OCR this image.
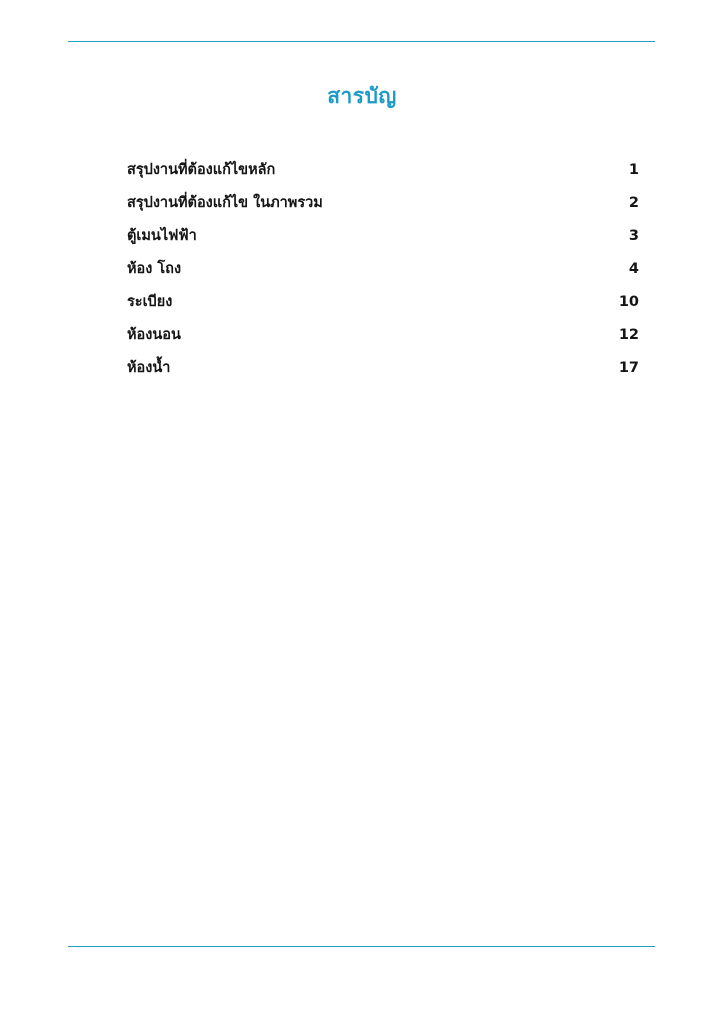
สารบัญ
สรุปงานที่ต้องแก้ไขหลัก	1
สรุปงานที่ต้องแก้ไข ในภาพรวม	2
ตู้เมนไฟฟ้า	3
ห้อง โถง	4
ระเบียง	10
ห้องนอน	12
ห้องน้ำ	17
